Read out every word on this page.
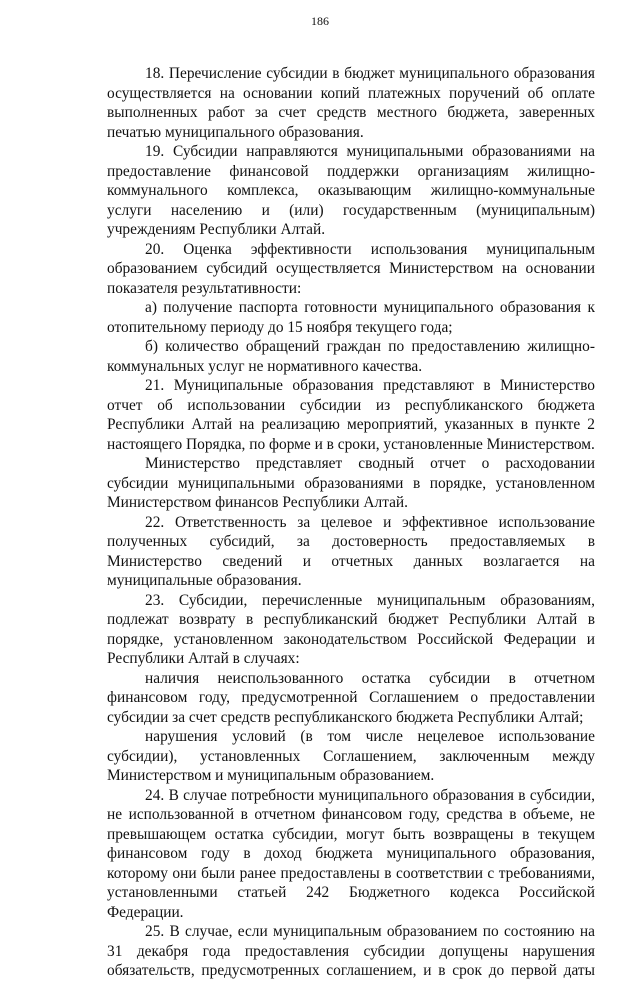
186

18. Перечисление субсидии в бюджет муниципального образования осуществляется на основании копий платежных поручений об оплате выполненных работ за счет средств местного бюджета, заверенных печатью муниципального образования.

19. Субсидии направляются муниципальными образованиями на предоставление финансовой поддержки организациям жилищно-коммунального комплекса, оказывающим жилищно-коммунальные услуги населению и (или) государственным (муниципальным) учреждениям Республики Алтай.

20. Оценка эффективности использования муниципальным образованием субсидий осуществляется Министерством на основании показателя результативности:

а) получение паспорта готовности муниципального образования к отопительному периоду до 15 ноября текущего года;

б) количество обращений граждан по предоставлению жилищно-коммунальных услуг не нормативного качества.

21. Муниципальные образования представляют в Министерство отчет об использовании субсидии из республиканского бюджета Республики Алтай на реализацию мероприятий, указанных в пункте 2 настоящего Порядка, по форме и в сроки, установленные Министерством.

Министерство представляет сводный отчет о расходовании субсидии муниципальными образованиями в порядке, установленном Министерством финансов Республики Алтай.

22. Ответственность за целевое и эффективное использование полученных субсидий, за достоверность предоставляемых в Министерство сведений и отчетных данных возлагается на муниципальные образования.

23. Субсидии, перечисленные муниципальным образованиям, подлежат возврату в республиканский бюджет Республики Алтай в порядке, установленном законодательством Российской Федерации и Республики Алтай в случаях:

наличия неиспользованного остатка субсидии в отчетном финансовом году, предусмотренной Соглашением о предоставлении субсидии за счет средств республиканского бюджета Республики Алтай;

нарушения условий (в том числе нецелевое использование субсидии), установленных Соглашением, заключенным между Министерством и муниципальным образованием.

24. В случае потребности муниципального образования в субсидии, не использованной в отчетном финансовом году, средства в объеме, не превышающем остатка субсидии, могут быть возвращены в текущем финансовом году в доход бюджета муниципального образования, которому они были ранее предоставлены в соответствии с требованиями, установленными статьей 242 Бюджетного кодекса Российской Федерации.

25. В случае, если муниципальным образованием по состоянию на 31 декабря года предоставления субсидии допущены нарушения обязательств, предусмотренных соглашением, и в срок до первой даты
